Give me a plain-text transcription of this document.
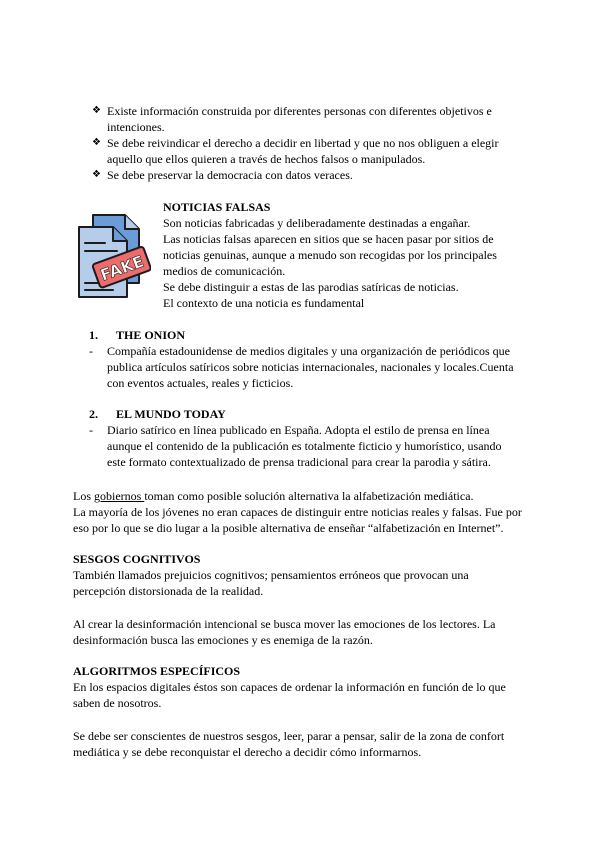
❖ Existe información construida por diferentes personas con diferentes objetivos e
intenciones.
❖ Se debe reivindicar el derecho a decidir en libertad y que no nos obliguen a elegir
aquello que ellos quieren a través de hechos falsos o manipulados.
❖ Se debe preservar la democracia con datos veraces.
FAKE
NOTICIAS FALSAS
Son noticias fabricadas y deliberadamente destinadas a engañar.
Las noticias falsas aparecen en sitios que se hacen pasar por sitios de
noticias genuinas, aunque a menudo son recogidas por los principales
medios de comunicación.
Se debe distinguir a estas de las parodias satíricas de noticias.
El contexto de una noticia es fundamental
1. THE ONION
- Compañía estadounidense de medios digitales y una organización de periódicos que
publica artículos satíricos sobre noticias internacionales, nacionales y locales.Cuenta
con eventos actuales, reales y ficticios.
2. EL MUNDO TODAY
- Diario satírico en línea publicado en España. Adopta el estilo de prensa en línea
aunque el contenido de la publicación es totalmente ficticio y humorístico, usando
este formato contextualizado de prensa tradicional para crear la parodia y sátira.
Los gobiernos toman como posible solución alternativa la alfabetización mediática.
La mayoría de los jóvenes no eran capaces de distinguir entre noticias reales y falsas. Fue por
eso por lo que se dio lugar a la posible alternativa de enseñar “alfabetización en Internet”.
SESGOS COGNITIVOS
También llamados prejuicios cognitivos; pensamientos erróneos que provocan una
percepción distorsionada de la realidad.
Al crear la desinformación intencional se busca mover las emociones de los lectores. La
desinformación busca las emociones y es enemiga de la razón.
ALGORITMOS ESPECÍFICOS
En los espacios digitales éstos son capaces de ordenar la información en función de lo que
saben de nosotros.
Se debe ser conscientes de nuestros sesgos, leer, parar a pensar, salir de la zona de confort
mediática y se debe reconquistar el derecho a decidir cómo informarnos.
